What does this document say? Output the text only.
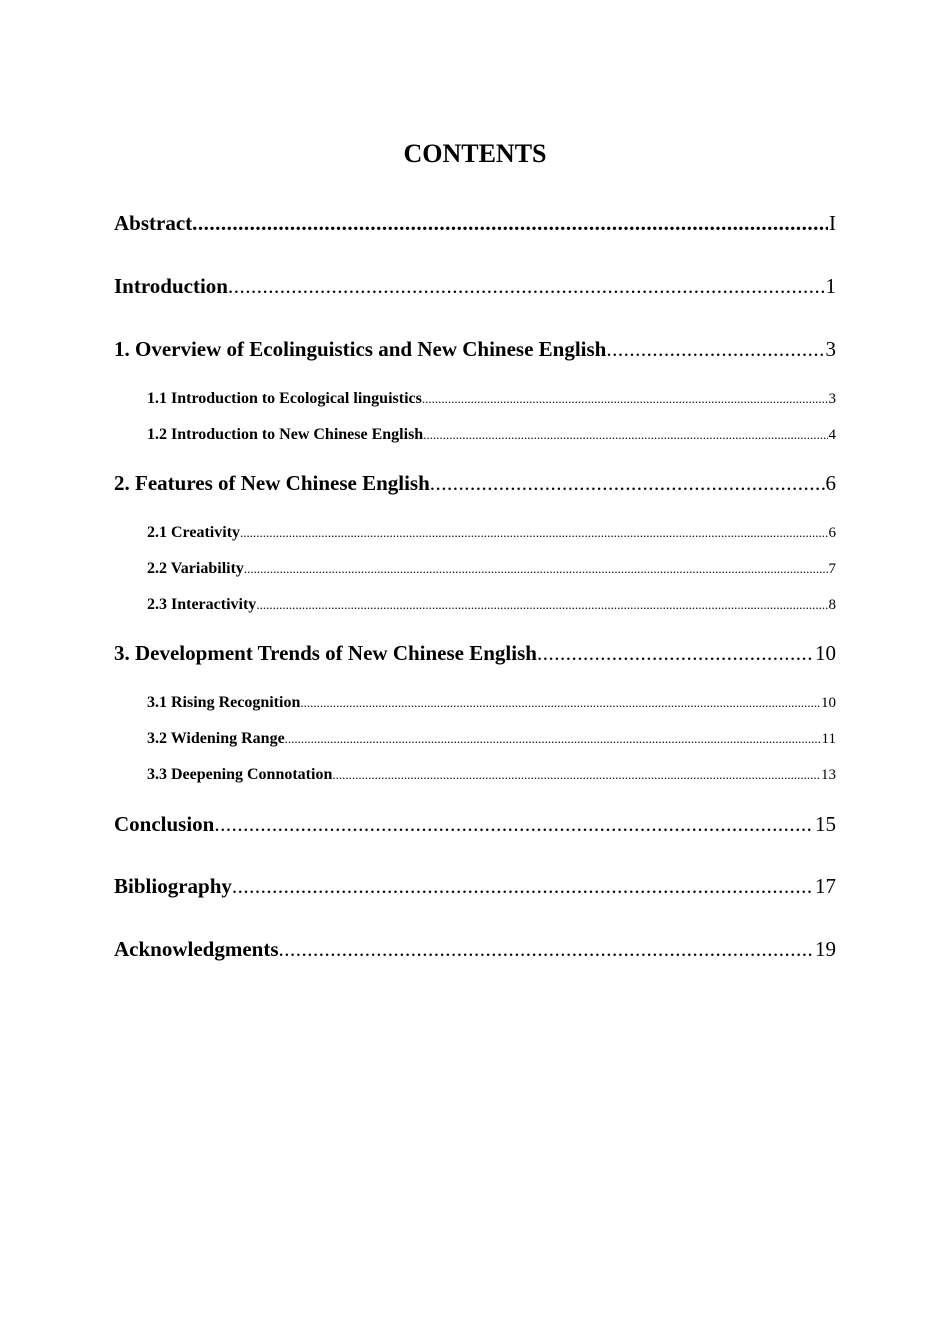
CONTENTS
Abstract .....	I
Introduction .....	1
1. Overview of Ecolinguistics and New Chinese English .....	3
1.1 Introduction to Ecological linguistics .....	3
1.2 Introduction to New Chinese English .....	4
2. Features of New Chinese English .....	6
2.1 Creativity .....	6
2.2 Variability .....	7
2.3 Interactivity .....	8
3. Development Trends of New Chinese English .....	10
3.1 Rising Recognition .....	10
3.2 Widening Range .....	11
3.3 Deepening Connotation .....	13
Conclusion .....	15
Bibliography .....	17
Acknowledgments .....	19
